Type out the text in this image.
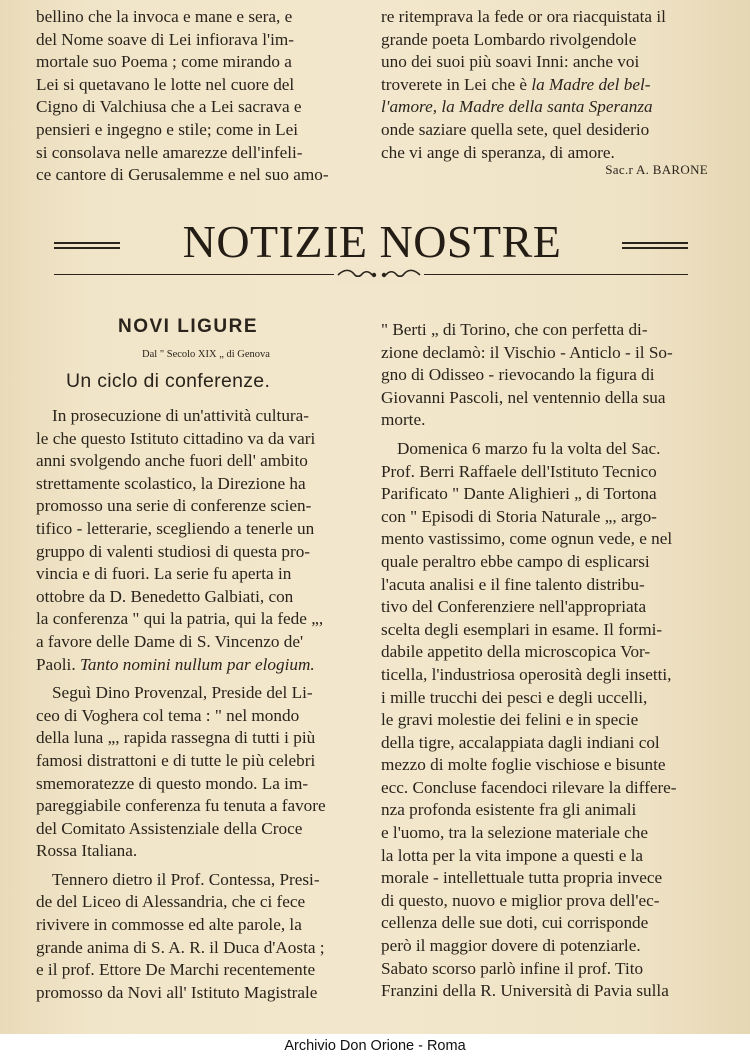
bellino che la invoca e mane e sera, e

del Nome soave di Lei infiorava l'im-

mortale suo Poema ; come mirando a

Lei si quetavano le lotte nel cuore del

Cigno di Valchiusa che a Lei sacrava e

pensieri e ingegno e stile; come in Lei

si consolava nelle amarezze dell'infeli-

ce cantore di Gerusalemme e nel suo amo-

re ritemprava la fede or ora riacquistata il

grande poeta Lombardo rivolgendole

uno dei suoi più soavi Inni: anche voi

troverete in Lei che è la Madre del bel-

l'amore, la Madre della santa Speranza

onde saziare quella sete, quel desiderio

che vi ange di speranza, di amore.

Sac.r A. BARONE
NOTIZIE NOSTRE
NOVI LIGURE
Dal " Secolo XIX „ di Genova
Un ciclo di conferenze.

In prosecuzione di un'attività cultura-

le che questo Istituto cittadino va da vari

anni svolgendo anche fuori dell' ambito

strettamente scolastico, la Direzione ha

promosso una serie di conferenze scien-

tifico - letterarie, scegliendo a tenerle un

gruppo di valenti studiosi di questa pro-

vincia e di fuori. La serie fu aperta in

ottobre da D. Benedetto Galbiati, con

la conferenza " qui la patria, qui la fede „,

a favore delle Dame di S. Vincenzo de'

Paoli. Tanto nomini nullum par elogium.

Seguì Dino Provenzal, Preside del Li-

ceo di Voghera col tema : " nel mondo

della luna „, rapida rassegna di tutti i più

famosi distrattoni e di tutte le più celebri

smemoratezze di questo mondo. La im-

pareggiabile conferenza fu tenuta a favore

del Comitato Assistenziale della Croce

Rossa Italiana.

Tennero dietro il Prof. Contessa, Presi-

de del Liceo di Alessandria, che ci fece

rivivere in commosse ed alte parole, la

grande anima di S. A. R. il Duca d'Aosta ;

e il prof. Ettore De Marchi recentemente

promosso da Novi all' Istituto Magistrale

" Berti „ di Torino, che con perfetta di-

zione declamò: il Vischio - Anticlo - il So-

gno di Odisseo - rievocando la figura di

Giovanni Pascoli, nel ventennio della sua

morte.

Domenica 6 marzo fu la volta del Sac.

Prof. Berri Raffaele dell'Istituto Tecnico

Parificato " Dante Alighieri „ di Tortona

con " Episodi di Storia Naturale „, argo-

mento vastissimo, come ognun vede, e nel

quale peraltro ebbe campo di esplicarsi

l'acuta analisi e il fine talento distribu-

tivo del Conferenziere nell'appropriata

scelta degli esemplari in esame. Il formi-

dabile appetito della microscopica Vor-

ticella, l'industriosa operosità degli insetti,

i mille trucchi dei pesci e degli uccelli,

le gravi molestie dei felini e in specie

della tigre, accalappiata dagli indiani col

mezzo di molte foglie vischiose e bisunte

ecc. Concluse facendoci rilevare la differe-

nza profonda esistente fra gli animali

e l'uomo, tra la selezione materiale che

la lotta per la vita impone a questi e la

morale - intellettuale tutta propria invece

di questo, nuovo e miglior prova dell'ec-

cellenza delle sue doti, cui corrisponde

però il maggior dovere di potenziarle.

Sabato scorso parlò infine il prof. Tito

Franzini della R. Università di Pavia sulla

Archivio Don Orione - Roma
